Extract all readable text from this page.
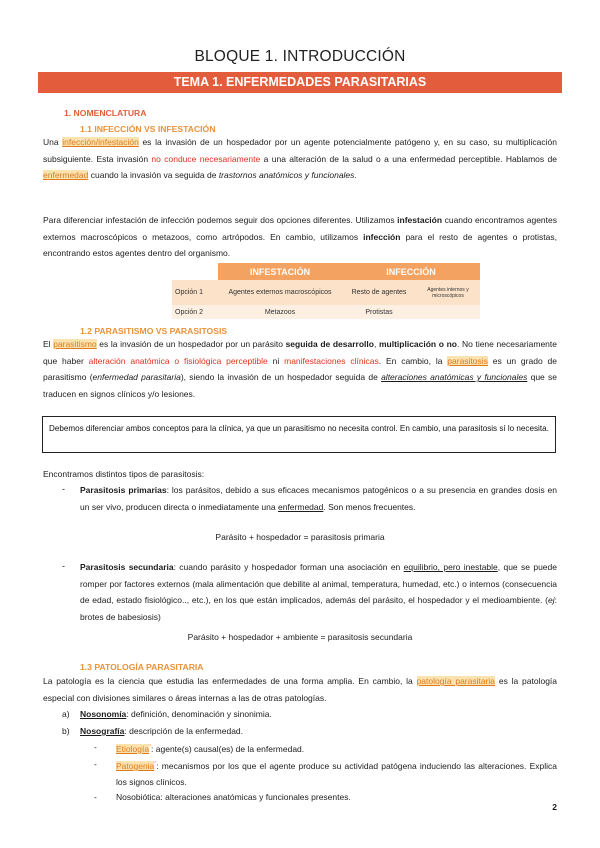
BLOQUE 1. INTRODUCCIÓN
TEMA 1. ENFERMEDADES PARASITARIAS
1. NOMENCLATURA
1.1 INFECCIÓN VS INFESTACIÓN
Una infección/infestación es la invasión de un hospedador por un agente potencialmente patógeno y, en su caso, su multiplicación subsiguiente. Esta invasión no conduce necesariamente a una alteración de la salud o a una enfermedad perceptible. Hablamos de enfermedad cuando la invasión va seguida de trastornos anatómicos y funcionales.
Para diferenciar infestación de infección podemos seguir dos opciones diferentes. Utilizamos infestación cuando encontramos agentes externos macroscópicos o metazoos, como artrópodos. En cambio, utilizamos infección para el resto de agentes o protistas, encontrando estos agentes dentro del organismo.
	INFESTACIÓN	INFECCIÓN	
Opción 1	Agentes externos macroscópicos	Resto de agentes	Agentes internos y microscópicos
Opción 2	Metazoos	Protistas	
1.2 PARASITISMO VS PARASITOSIS
El parasitismo es la invasión de un hospedador por un parásito seguida de desarrollo, multiplicación o no. No tiene necesariamente que haber alteración anatómica o fisiológica perceptible ni manifestaciones clínicas. En cambio, la parasitosis es un grado de parasitismo (enfermedad parasitaria), siendo la invasión de un hospedador seguida de alteraciones anatómicas y funcionales que se traducen en signos clínicos y/o lesiones.
Debemos diferenciar ambos conceptos para la clínica, ya que un parasitismo no necesita control. En cambio, una parasitosis sí lo necesita.
Encontramos distintos tipos de parasitosis:
- Parasitosis primarias: los parásitos, debido a sus eficaces mecanismos patogénicos o a su presencia en grandes dosis en un ser vivo, producen directa o inmediatamente una enfermedad. Son menos frecuentes.
Parásito + hospedador = parasitosis primaria
- Parasitosis secundaria: cuando parásito y hospedador forman una asociación en equilibrio, pero inestable, que se puede romper por factores externos (mala alimentación que debilite al animal, temperatura, humedad, etc.) o internos (consecuencia de edad, estado fisiológico.., etc.), en los que están implicados, además del parásito, el hospedador y el medioambiente. (ej: brotes de babesiosis)
Parásito + hospedador + ambiente = parasitosis secundaria
1.3 PATOLOGÍA PARASITARIA
La patología es la ciencia que estudia las enfermedades de una forma amplia. En cambio, la patología parasitaria es la patología especial con divisiones similares o áreas internas a las de otras patologías.
a) Nosonomía: definición, denominación y sinonimia.
b) Nosografía: descripción de la enfermedad.
- Etiología*: agente(s) causal(es) de la enfermedad.
- Patogenia*: mecanismos por los que el agente produce su actividad patógena induciendo las alteraciones. Explica los signos clínicos.
- Nosobiótica: alteraciones anatómicas y funcionales presentes.
2
